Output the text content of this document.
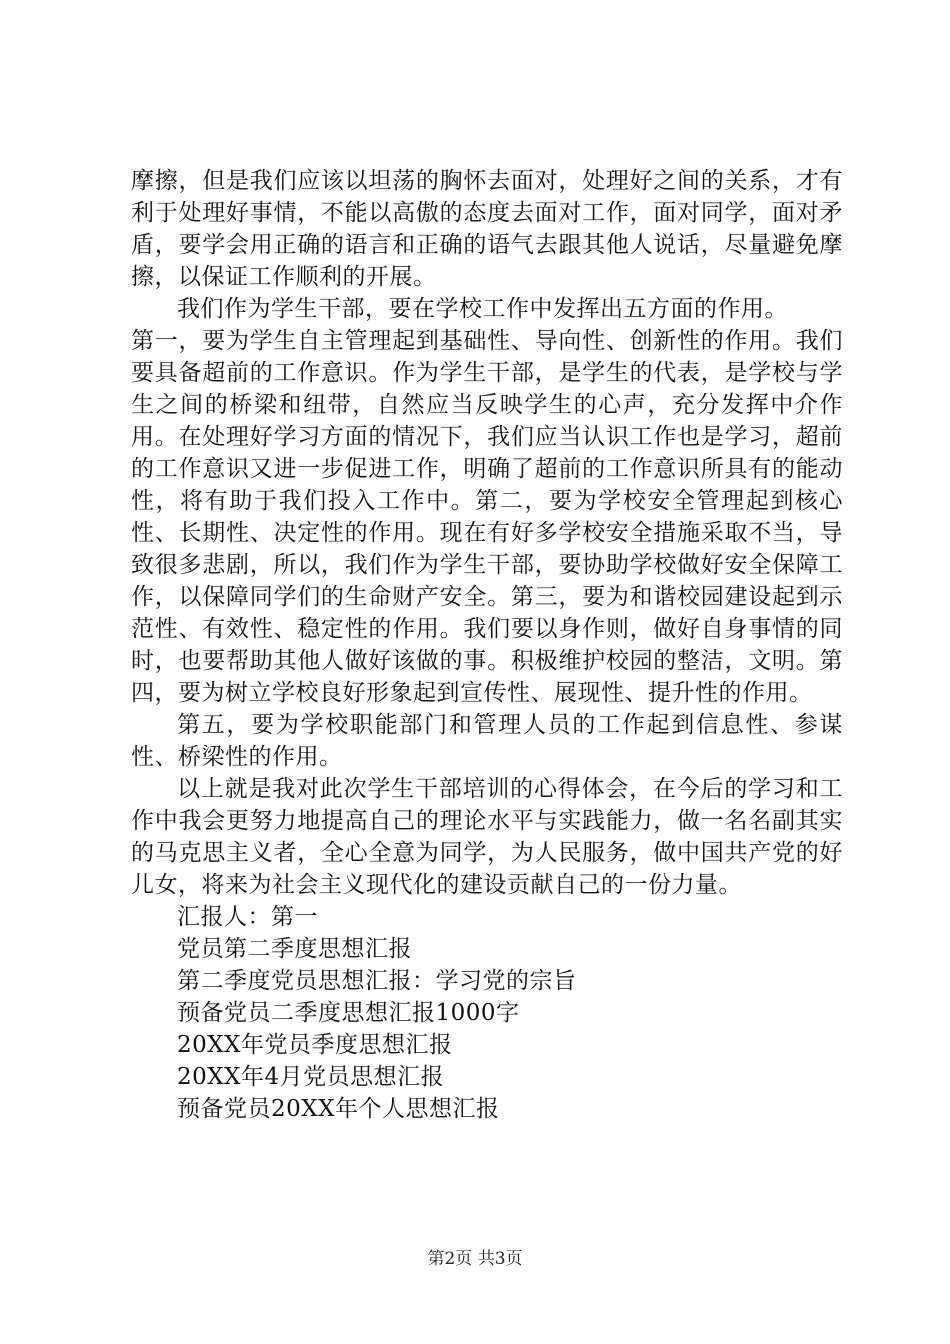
摩擦，但是我们应该以坦荡的胸怀去面对，处理好之间的关系，才有利于处理好事情，不能以高傲的态度去面对工作，面对同学，面对矛盾，要学会用正确的语言和正确的语气去跟其他人说话，尽量避免摩擦，以保证工作顺利的开展。

我们作为学生干部，要在学校工作中发挥出五方面的作用。

第一，要为学生自主管理起到基础性、导向性、创新性的作用。我们要具备超前的工作意识。作为学生干部，是学生的代表，是学校与学生之间的桥梁和纽带，自然应当反映学生的心声，充分发挥中介作用。在处理好学习方面的情况下，我们应当认识工作也是学习，超前的工作意识又进一步促进工作，明确了超前的工作意识所具有的能动性，将有助于我们投入工作中。第二，要为学校安全管理起到核心性、长期性、决定性的作用。现在有好多学校安全措施采取不当，导致很多悲剧，所以，我们作为学生干部，要协助学校做好安全保障工作，以保障同学们的生命财产安全。第三，要为和谐校园建设起到示范性、有效性、稳定性的作用。我们要以身作则，做好自身事情的同时，也要帮助其他人做好该做的事。积极维护校园的整洁，文明。第四，要为树立学校良好形象起到宣传性、展现性、提升性的作用。

第五，要为学校职能部门和管理人员的工作起到信息性、参谋性、桥梁性的作用。

以上就是我对此次学生干部培训的心得体会，在今后的学习和工作中我会更努力地提高自己的理论水平与实践能力，做一名名副其实的马克思主义者，全心全意为同学，为人民服务，做中国共产党的好儿女，将来为社会主义现代化的建设贡献自己的一份力量。

汇报人：第一

党员第二季度思想汇报

第二季度党员思想汇报：学习党的宗旨

预备党员二季度思想汇报1000字

20XX年党员季度思想汇报

20XX年4月党员思想汇报

预备党员20XX年个人思想汇报

第2页 共3页
